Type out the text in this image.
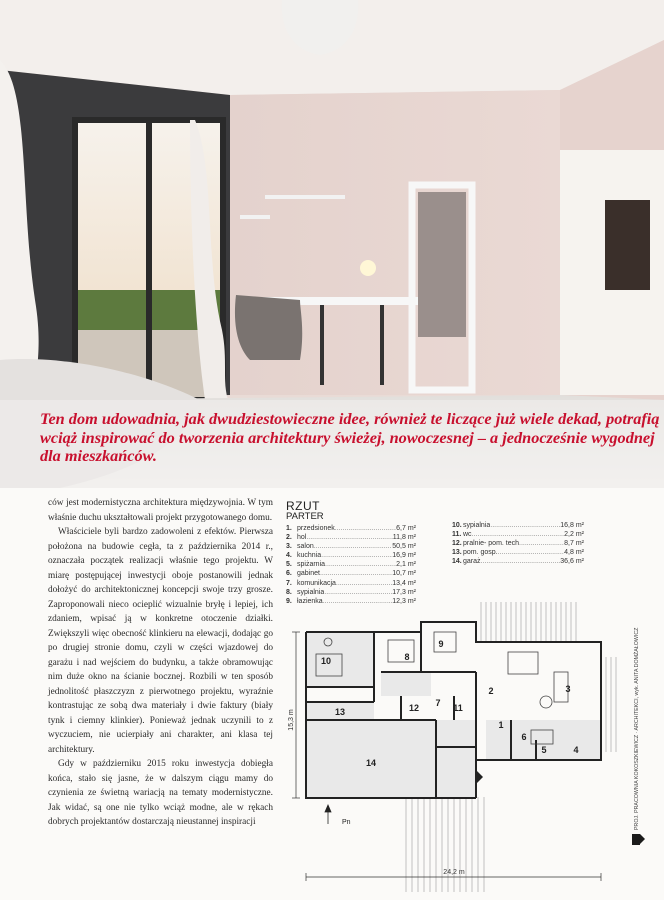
Ten dom udowadnia, jak dwudziestowieczne idee, również te liczące już wiele dekad, potrafią wciąż inspirować do tworzenia architektury świeżej, nowoczesnej – a jednocześnie wygodnej dla mieszkańców.

ców jest modernistyczna architektura międzywojnia. W tym właśnie duchu ukształtowali projekt przygotowanego domu.

Właściciele byli bardzo zadowoleni z efektów. Pierwsza położona na budowie cegła, ta z października 2014 r., oznaczała początek realizacji właśnie tego projektu. W miarę postępującej inwestycji oboje postanowili jednak dołożyć do architektonicznej koncepcji swoje trzy grosze. Zaproponowali nieco ocieplić wizualnie bryłę i lepiej, ich zdaniem, wpisać ją w konkretne otoczenie działki. Zwiększyli więc obecność klinkieru na elewacji, dodając go po drugiej stronie domu, czyli w części wjazdowej do garażu i nad wejściem do budynku, a także obramowując nim duże okno na ścianie bocznej. Rozbili w ten sposób jednolitość płaszczyzn z pierwotnego projektu, wyraźnie kontrastując ze sobą dwa materiały i dwie faktury (biały tynk i ciemny klinkier). Ponieważ jednak uczynili to z wyczuciem, nie ucierpiały ani charakter, ani klasa tej architektury.

Gdy w październiku 2015 roku inwestycja dobiegła końca, stało się jasne, że w dalszym ciągu mamy do czynienia ze świetną wariacją na tematy modernistyczne. Jak widać, są one nie tylko wciąż modne, ale w rękach dobrych projektantów dostarczają nieustannej inspiracji

RZUT
PARTER
1. przedsionek .....	6,7 m²
2. hol .....	11,8 m²
3. salon .....	50,5 m²
4. kuchnia .....	16,9 m²
5. spiżarnia .....	2,1 m²
6. gabinet .....	10,7 m²
7. komunikacja .....	13,4 m²
8. sypialnia .....	17,3 m²
9. łazienka .....	12,3 m²
10. sypialnia .....	16,8 m²
11. wc .....	2,2 m²
12. pralnie- pom. tech .....	8,7 m²
13. pom. gosp. .....	4,8 m²
14. garaż .....	36,6 m²
1
2	3
4
5
6
7
8
9
10
11
12
13
14
15,3 m
24,2 m
Pn	PROJ. PRACOWNIA KOKOSZKIEWICZ · ARCHITEKCI, wyk. ANITA DOMŻAŁOWICZ
